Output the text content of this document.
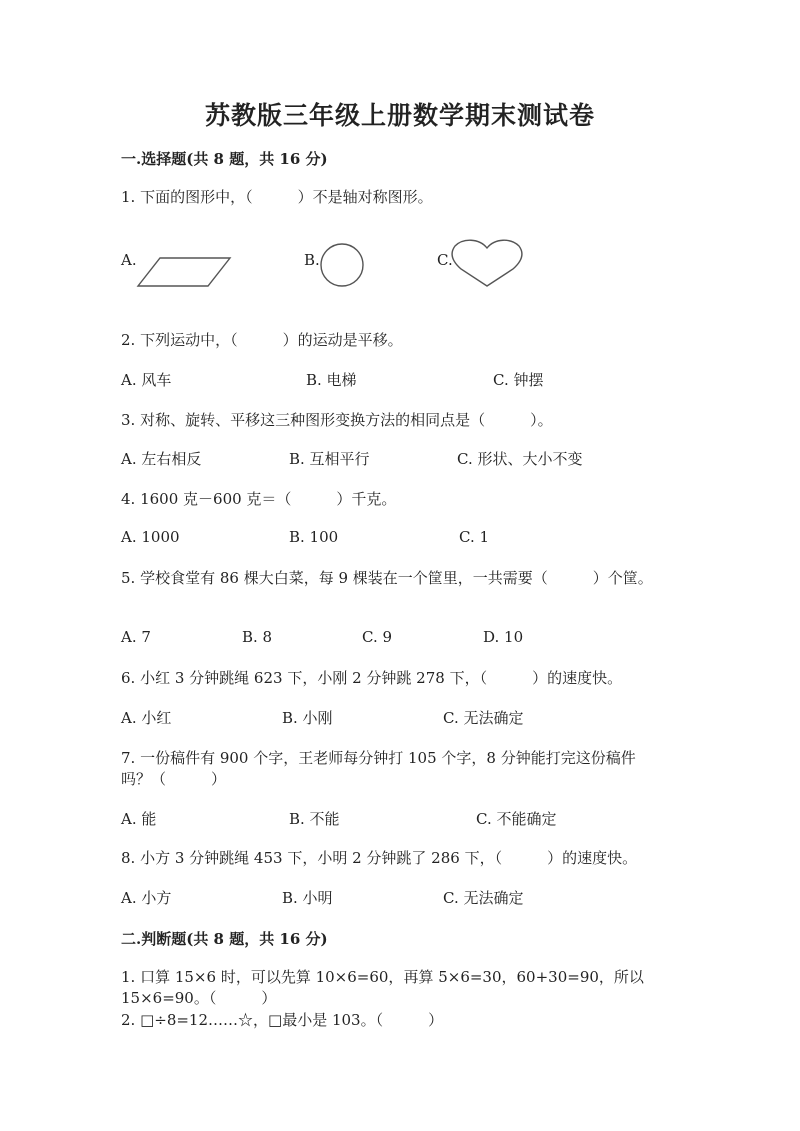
苏教版三年级上册数学期末测试卷
一.选择题(共 8 题，共 16 分)
1. 下面的图形中，（　　　）不是轴对称图形。
A.	B.	C.
2. 下列运动中，（　　　）的运动是平移。
A. 风车	B. 电梯	C. 钟摆
3. 对称、旋转、平移这三种图形变换方法的相同点是（　　　）。
A. 左右相反	B. 互相平行	C. 形状、大小不变
4. 1600 克－600 克＝（　　　）千克。
A. 1000	B. 100	C. 1
5. 学校食堂有 86 棵大白菜，每 9 棵装在一个筐里，一共需要（　　　）个筐。
A. 7	B. 8	C. 9	D. 10
6. 小红 3 分钟跳绳 623 下，小刚 2 分钟跳 278 下，（　　　）的速度快。
A. 小红	B. 小刚	C. 无法确定
7. 一份稿件有 900 个字，王老师每分钟打 105 个字，8 分钟能打完这份稿件
吗？（　　　）
A. 能	B. 不能	C. 不能确定
8. 小方 3 分钟跳绳 453 下，小明 2 分钟跳了 286 下，（　　　）的速度快。
A. 小方	B. 小明	C. 无法确定
二.判断题(共 8 题，共 16 分)
1. 口算 15×6 时，可以先算 10×6=60，再算 5×6=30，60+30=90，所以
15×6=90。（　　　）
2. □÷8=12……☆，□最小是 103。（　　　）
